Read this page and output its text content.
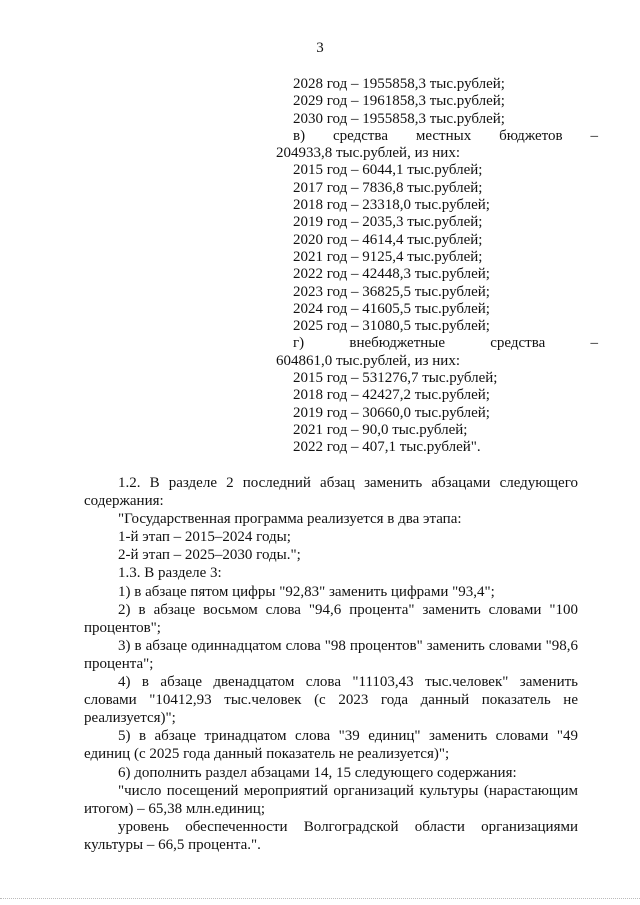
3
2028 год – 1955858,3 тыс.рублей;
2029 год – 1961858,3 тыс.рублей;
2030 год – 1955858,3 тыс.рублей;
в) средства местных бюджетов –
204933,8 тыс.рублей, из них:
2015 год – 6044,1 тыс.рублей;
2017 год – 7836,8 тыс.рублей;
2018 год – 23318,0 тыс.рублей;
2019 год – 2035,3 тыс.рублей;
2020 год – 4614,4 тыс.рублей;
2021 год – 9125,4 тыс.рублей;
2022 год – 42448,3 тыс.рублей;
2023 год – 36825,5 тыс.рублей;
2024 год – 41605,5 тыс.рублей;
2025 год – 31080,5 тыс.рублей;
г)	внебюджетные	средства	–
604861,0 тыс.рублей, из них:
2015 год – 531276,7 тыс.рублей;
2018 год – 42427,2 тыс.рублей;
2019 год – 30660,0 тыс.рублей;
2021 год – 90,0 тыс.рублей;
2022 год – 407,1 тыс.рублей".
1.2. В разделе 2 последний абзац заменить абзацами следующего содержания:
"Государственная программа реализуется в два этапа:
1-й этап – 2015–2024 годы;
2-й этап – 2025–2030 годы.";
1.3. В разделе 3:
1) в абзаце пятом цифры "92,83" заменить цифрами "93,4";
2) в абзаце восьмом слова "94,6 процента" заменить словами "100 процентов";
3) в абзаце одиннадцатом слова "98 процентов" заменить словами "98,6 процента";
4) в абзаце двенадцатом слова "11103,43 тыс.человек" заменить словами "10412,93 тыс.человек (с 2023 года данный показатель не реализуется)";
5) в абзаце тринадцатом слова "39 единиц" заменить словами "49 единиц (с 2025 года данный показатель не реализуется)";
6) дополнить раздел абзацами 14, 15 следующего содержания:
"число посещений мероприятий организаций культуры (нарастающим итогом) – 65,38 млн.единиц;
уровень обеспеченности Волгоградской области организациями культуры – 66,5 процента.".
